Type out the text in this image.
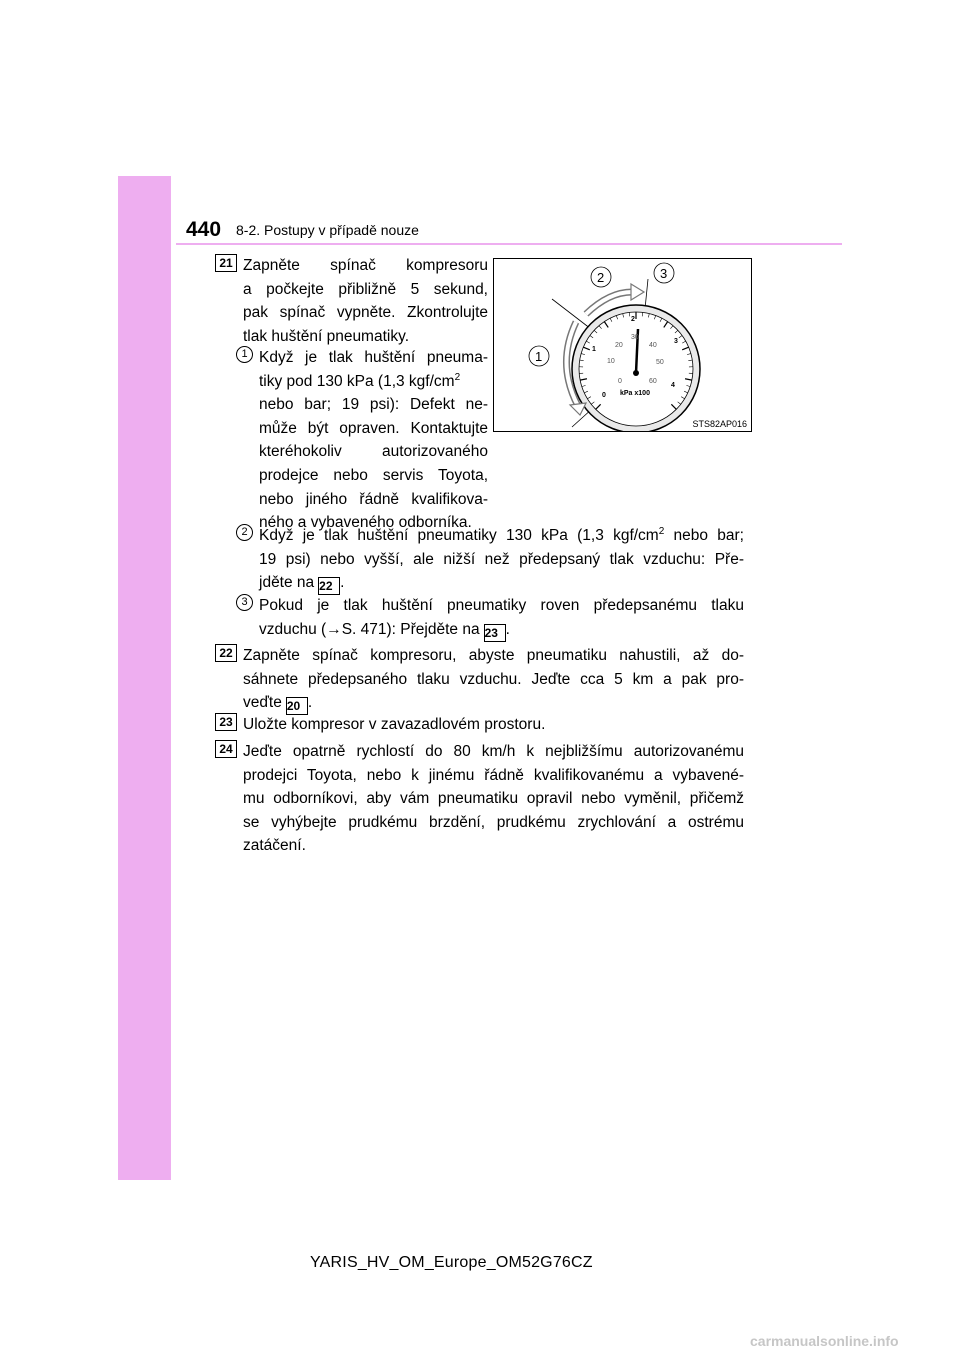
440 8-2. Postupy v případě nouze
21 Zapněte spínač kompresoru
a počkejte přibližně 5 sekund,
pak spínač vypněte. Zkontrolujte
tlak huštění pneumatiky.
1 Když je tlak huštění pneuma-
tiky pod 130 kPa (1,3 kgf/$cm^2$
nebo bar; 19 psi): Defekt ne-
může být opraven. Kontaktujte
kteréhokoliv autorizovaného
prodejce nebo servis Toyota,
nebo jiného řádně kvalifikova-
ného a vybaveného odborníka.
0
1
2
3
4
0
10
20
30
40
50
60
kPa x100
1
2	3
STS82AP016
2 Když je tlak huštění pneumatiky 130 kPa (1,3 kgf/$cm^2$ nebo bar;
19 psi) nebo vyšší, ale nižší než předepsaný tlak vzduchu: Pře-
jděte na 22 .
3 Pokud je tlak huštění pneumatiky roven předepsanému tlaku
vzduchu (→S. 471): Přejděte na 23 .
22 Zapněte spínač kompresoru, abyste pneumatiku nahustili, až do-
sáhnete předepsaného tlaku vzduchu. Jeďte cca 5 km a pak pro-
veďte 20 .
23 Uložte kompresor v zavazadlovém prostoru.
24 Jeďte opatrně rychlostí do 80 km/h k nejbližšímu autorizovanému
prodejci Toyota, nebo k jinému řádně kvalifikovanému a vybavené-
mu odborníkovi, aby vám pneumatiku opravil nebo vyměnil, přičemž
se vyhýbejte prudkému brzdění, prudkému zrychlování a ostrému
zatáčení.
YARIS_HV_OM_Europe_OM52G76CZ
carmanualsonline.info
